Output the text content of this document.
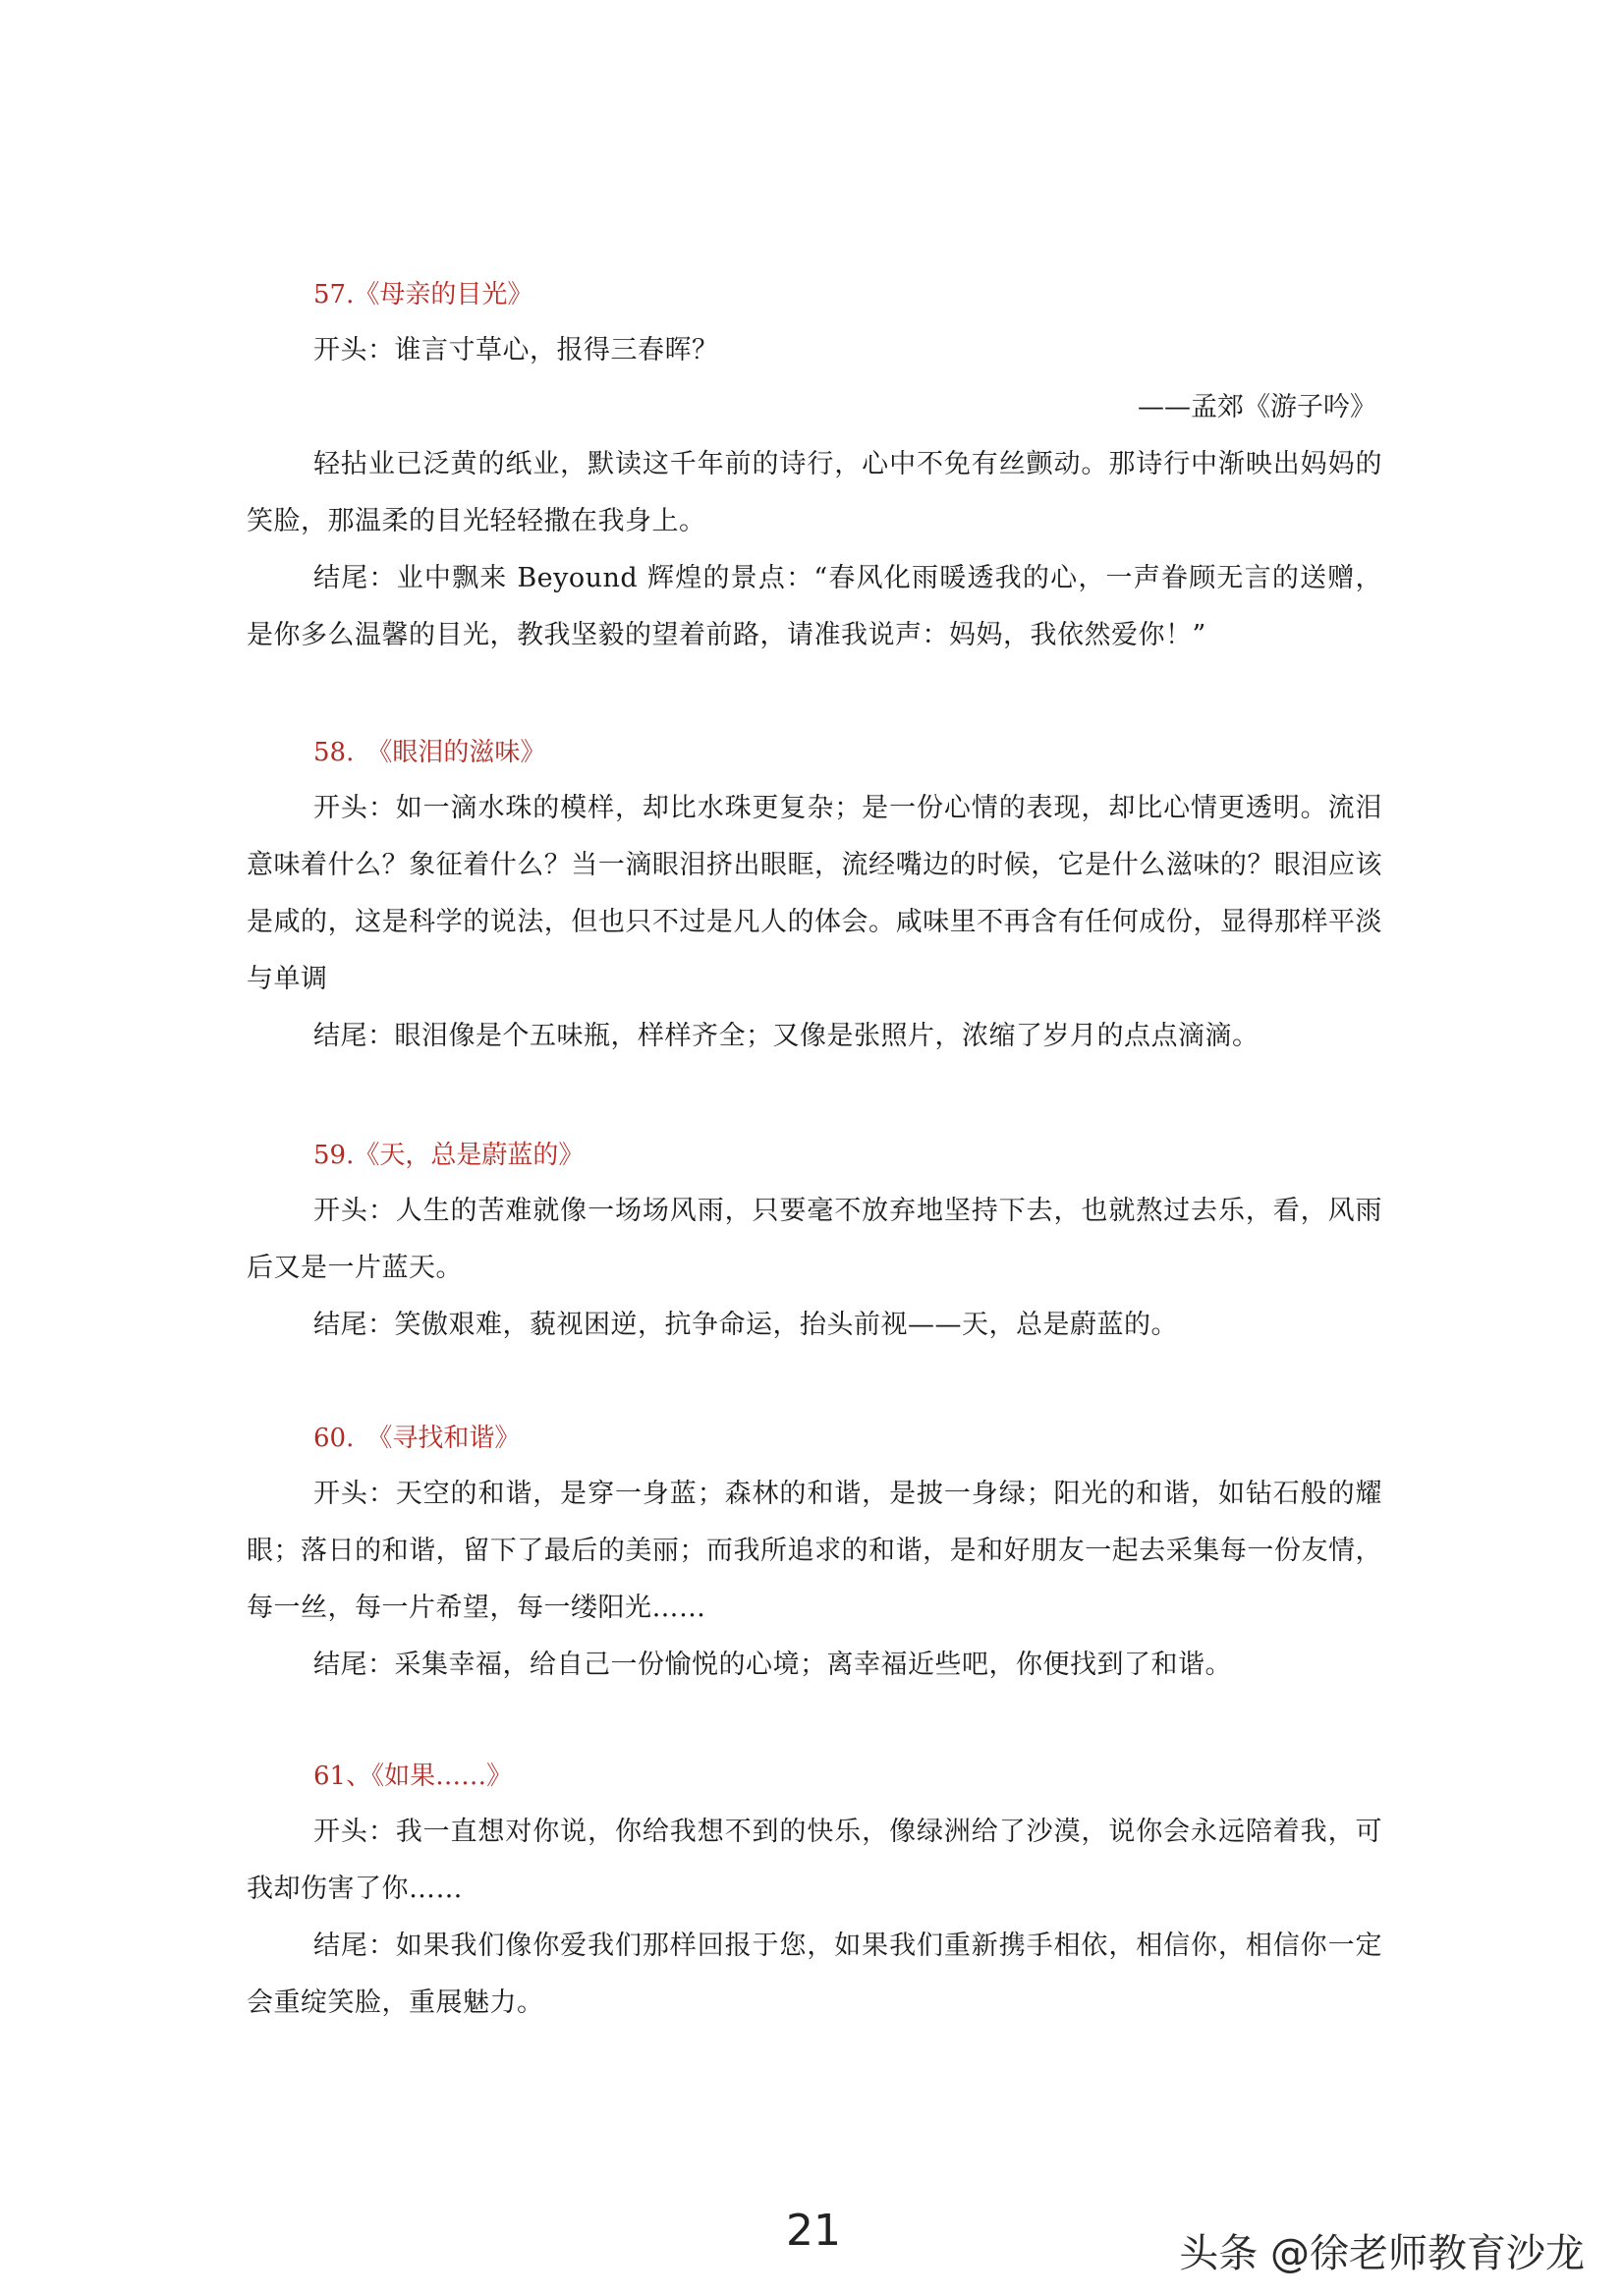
57.《母亲的目光》

开头：谁言寸草心，报得三春晖？

——孟郊《游子吟》

轻拈业已泛黄的纸业，默读这千年前的诗行，心中不免有丝颤动。那诗行中渐映出妈妈的笑脸，那温柔的目光轻轻撒在我身上。

结尾：业中飘来 Beyound 辉煌的景点：“春风化雨暖透我的心，一声眷顾无言的送赠，是你多么温馨的目光，教我坚毅的望着前路，请准我说声：妈妈，我依然爱你！”

58.　《眼泪的滋味》

开头：如一滴水珠的模样，却比水珠更复杂；是一份心情的表现，却比心情更透明。流泪意味着什么？象征着什么？当一滴眼泪挤出眼眶，流经嘴边的时候，它是什么滋味的？眼泪应该是咸的，这是科学的说法，但也只不过是凡人的体会。咸味里不再含有任何成份，显得那样平淡与单调

结尾：眼泪像是个五味瓶，样样齐全；又像是张照片，浓缩了岁月的点点滴滴。

59.《天，总是蔚蓝的》

开头：人生的苦难就像一场场风雨，只要毫不放弃地坚持下去，也就熬过去乐，看，风雨后又是一片蓝天。

结尾：笑傲艰难，藐视困逆，抗争命运，抬头前视——天，总是蔚蓝的。

60.　《寻找和谐》

开头：天空的和谐，是穿一身蓝；森林的和谐，是披一身绿；阳光的和谐，如钻石般的耀眼；落日的和谐，留下了最后的美丽；而我所追求的和谐，是和好朋友一起去采集每一份友情，每一丝，每一片希望，每一缕阳光……

结尾：采集幸福，给自己一份愉悦的心境；离幸福近些吧，你便找到了和谐。

61、《如果……》

开头：我一直想对你说，你给我想不到的快乐，像绿洲给了沙漠，说你会永远陪着我，可我却伤害了你……

结尾：如果我们像你爱我们那样回报于您，如果我们重新携手相依，相信你，相信你一定会重绽笑脸，重展魅力。

21	头条 @徐老师教育沙龙
